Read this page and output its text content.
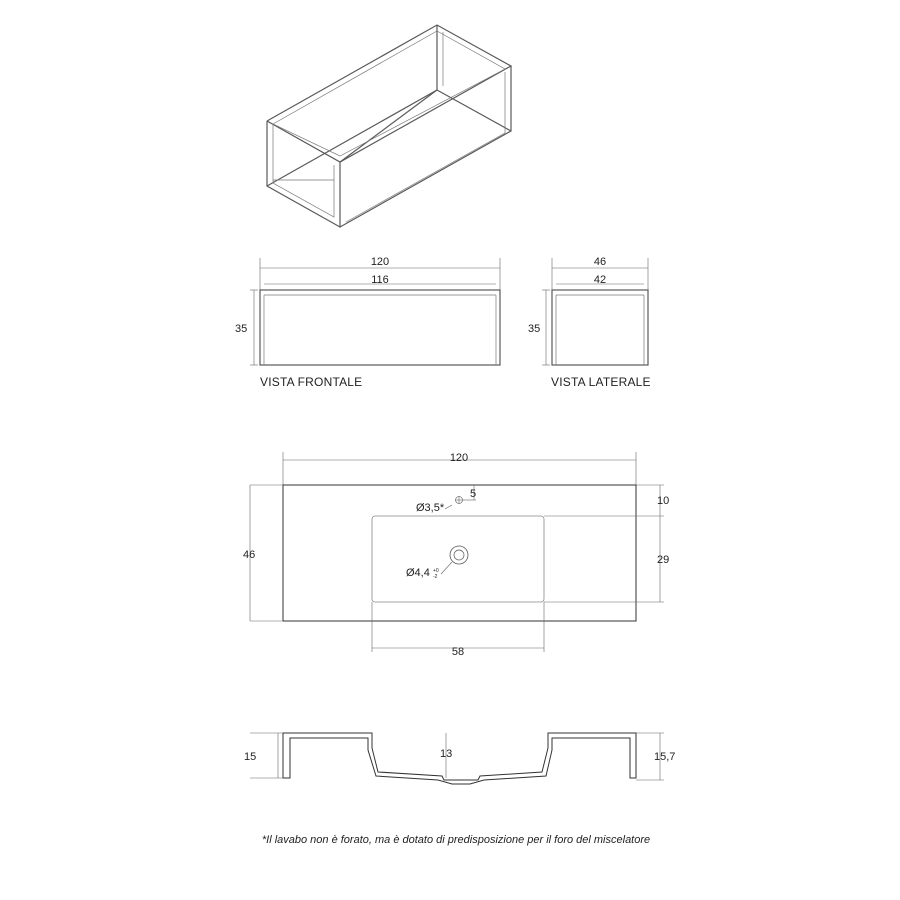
120
116
35
VISTA FRONTALE
46
42
35
VISTA LATERALE
120
46
10
29
5
Ø3,5*
Ø4,4 +0
-2
58
15	13	15,7
*Il lavabo non è forato, ma è dotato di predisposizione per il foro del miscelatore
